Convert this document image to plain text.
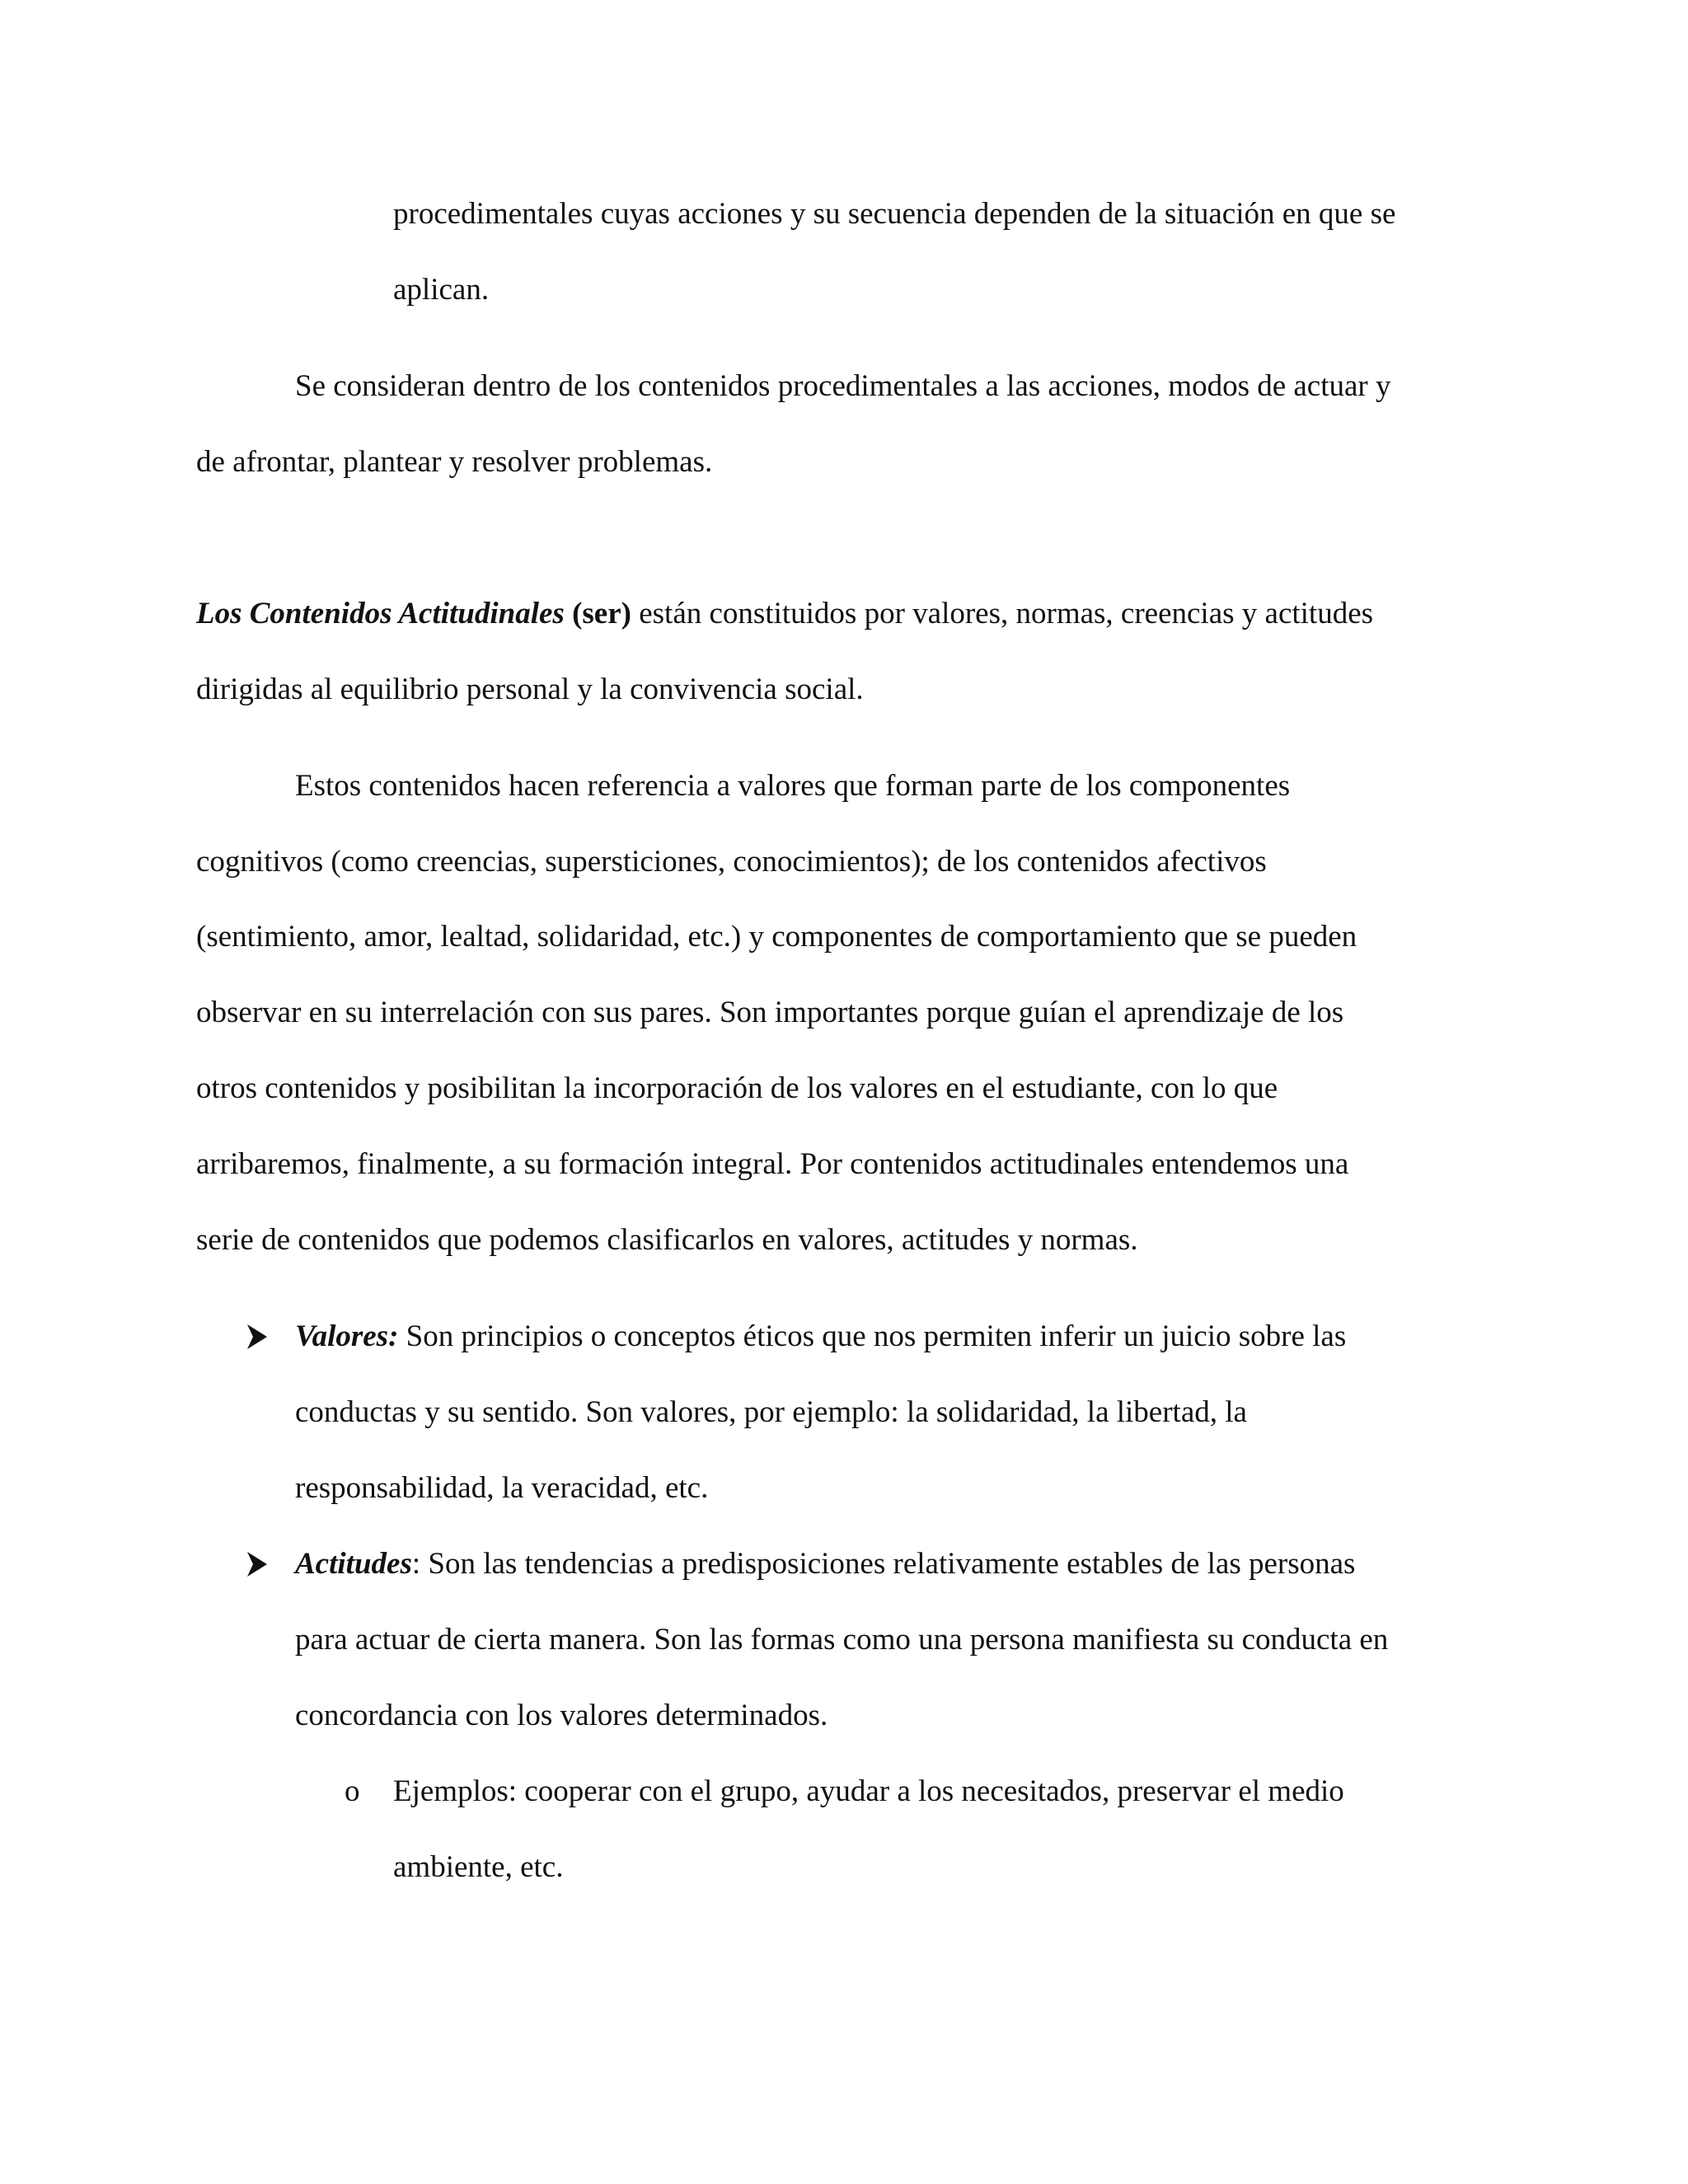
procedimentales cuyas acciones y su secuencia dependen de la situación en que se

aplican.

Se consideran dentro de los contenidos procedimentales a las acciones, modos de actuar y

de afrontar, plantear y resolver problemas.

Los Contenidos Actitudinales (ser) están constituidos por valores, normas, creencias y actitudes

dirigidas al equilibrio personal y la convivencia social.

Estos contenidos hacen referencia a valores que forman parte de los componentes

cognitivos (como creencias, supersticiones, conocimientos); de los contenidos afectivos

(sentimiento, amor, lealtad, solidaridad, etc.) y componentes de comportamiento que se pueden

observar en su interrelación con sus pares. Son importantes porque guían el aprendizaje de los

otros contenidos y posibilitan la incorporación de los valores en el estudiante, con lo que

arribaremos, finalmente, a su formación integral. Por contenidos actitudinales entendemos una

serie de contenidos que podemos clasificarlos en valores, actitudes y normas.

Valores: Son principios o conceptos éticos que nos permiten inferir un juicio sobre las

conductas y su sentido. Son valores, por ejemplo: la solidaridad, la libertad, la

responsabilidad, la veracidad, etc.

Actitudes: Son las tendencias a predisposiciones relativamente estables de las personas

para actuar de cierta manera. Son las formas como una persona manifiesta su conducta en

concordancia con los valores determinados.

o Ejemplos: cooperar con el grupo, ayudar a los necesitados, preservar el medio

ambiente, etc.
